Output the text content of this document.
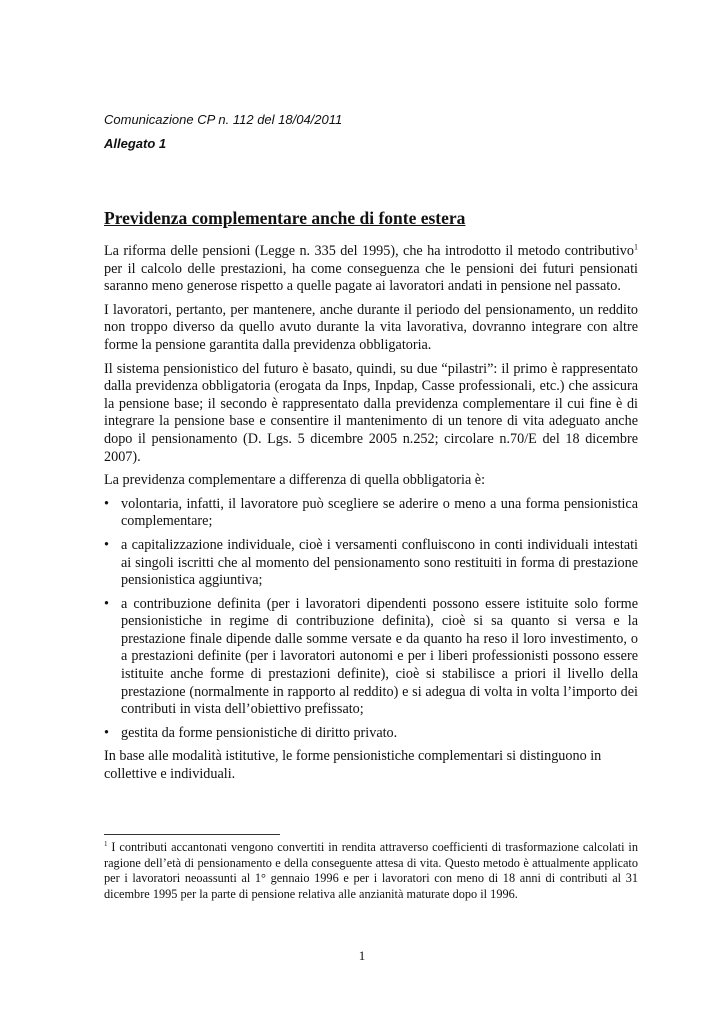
Comunicazione CP n. 112 del 18/04/2011
Allegato 1
Previdenza complementare anche di fonte estera

La riforma delle pensioni (Legge n. 335 del 1995), che ha introdotto il metodo contributivo$^1$ per il calcolo delle prestazioni, ha come conseguenza che le pensioni dei futuri pensionati saranno meno generose rispetto a quelle pagate ai lavoratori andati in pensione nel passato.

I lavoratori, pertanto, per mantenere, anche durante il periodo del pensionamento, un reddito non troppo diverso da quello avuto durante la vita lavorativa, dovranno integrare con altre forme la pensione garantita dalla previdenza obbligatoria.

Il sistema pensionistico del futuro è basato, quindi, su due “pilastri”: il primo è rappresentato dalla previdenza obbligatoria (erogata da Inps, Inpdap, Casse professionali, etc.) che assicura la pensione base; il secondo è rappresentato dalla previdenza complementare il cui fine è di integrare la pensione base e consentire il mantenimento di un tenore di vita adeguato anche dopo il pensionamento (D. Lgs. 5 dicembre 2005 n.252; circolare n.70/E del 18 dicembre 2007).

La previdenza complementare a differenza di quella obbligatoria è:

• volontaria, infatti, il lavoratore può scegliere se aderire o meno a una forma pensionistica complementare;
• a capitalizzazione individuale, cioè i versamenti confluiscono in conti individuali intestati ai singoli iscritti che al momento del pensionamento sono restituiti in forma di prestazione pensionistica aggiuntiva;
• a contribuzione definita (per i lavoratori dipendenti possono essere istituite solo forme pensionistiche in regime di contribuzione definita), cioè si sa quanto si versa e la prestazione finale dipende dalle somme versate e da quanto ha reso il loro investimento, o a prestazioni definite (per i lavoratori autonomi e per i liberi professionisti possono essere istituite anche forme di prestazioni definite), cioè si stabilisce a priori il livello della prestazione (normalmente in rapporto al reddito) e si adegua di volta in volta l’importo dei contributi in vista dell’obiettivo prefissato;
• gestita da forme pensionistiche di diritto privato.

In base alle modalità istitutive, le forme pensionistiche complementari si distinguono in collettive e individuali.

$^1$ I contributi accantonati vengono convertiti in rendita attraverso coefficienti di trasformazione calcolati in ragione dell’età di pensionamento e della conseguente attesa di vita. Questo metodo è attualmente applicato per i lavoratori neoassunti al 1° gennaio 1996 e per i lavoratori con meno di 18 anni di contributi al 31 dicembre 1995 per la parte di pensione relativa alle anzianità maturate dopo il 1996.

1
